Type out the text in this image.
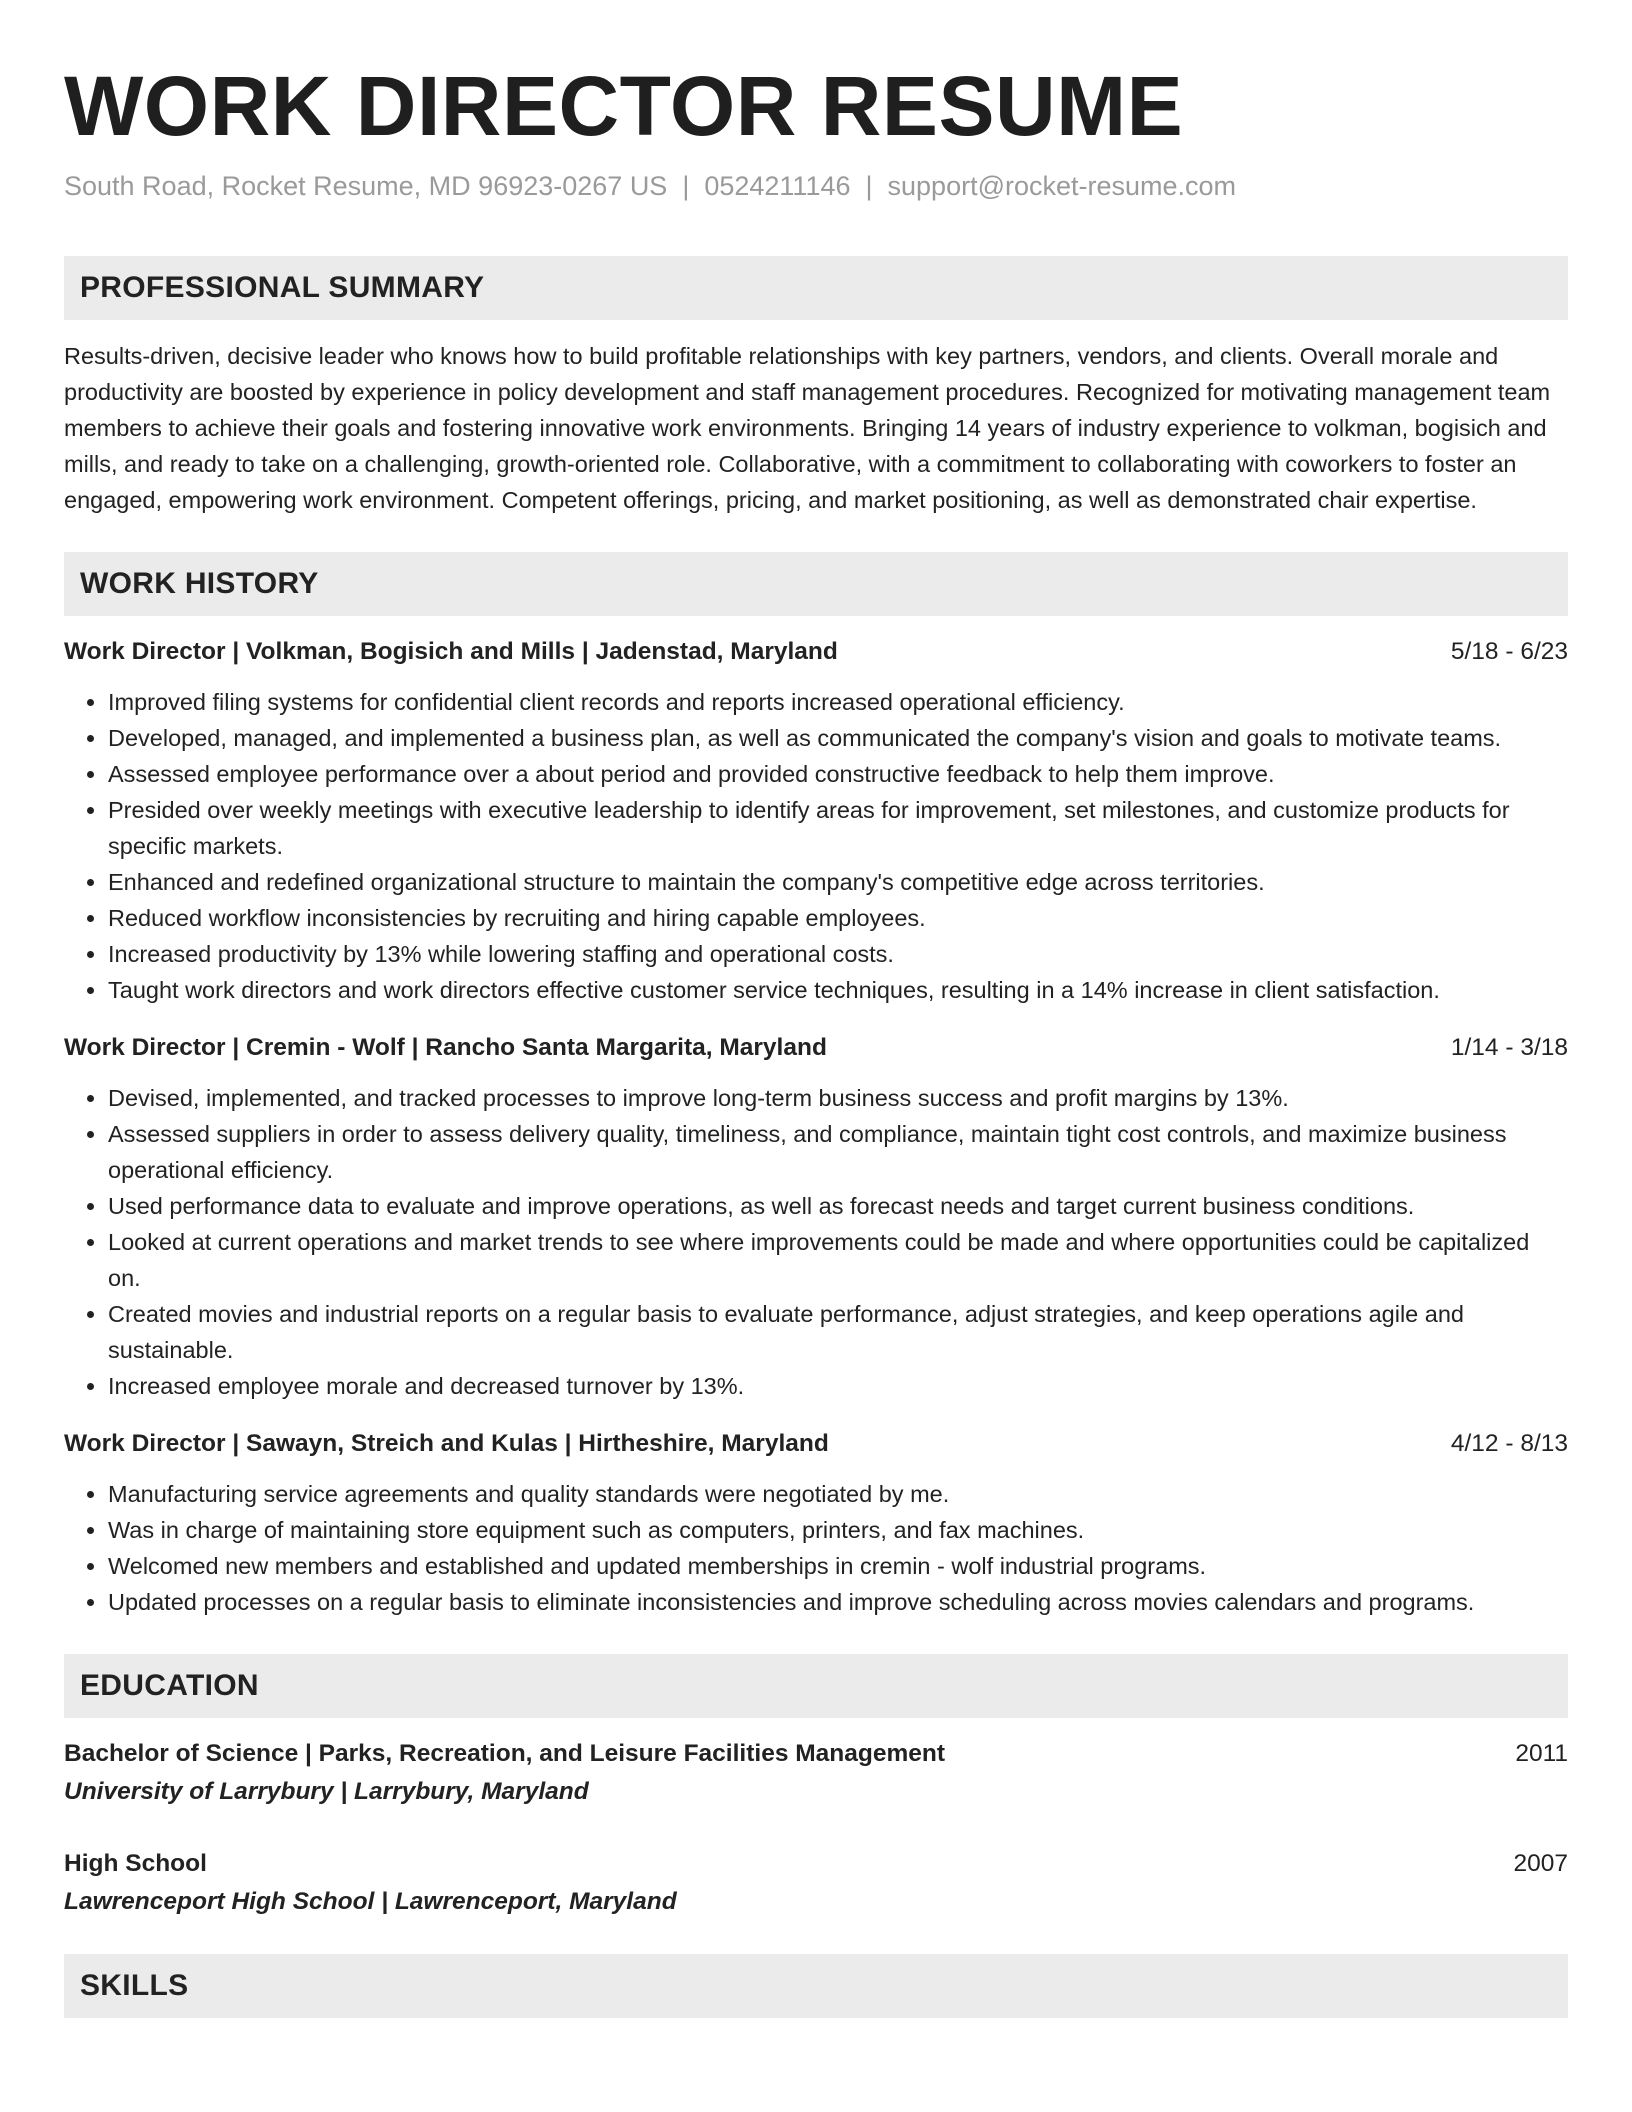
WORK DIRECTOR RESUME
South Road, Rocket Resume, MD 96923-0267 US | 0524211146 | support@rocket-resume.com
PROFESSIONAL SUMMARY

Results-driven, decisive leader who knows how to build profitable relationships with key partners, vendors, and clients. Overall morale and productivity are boosted by experience in policy development and staff management procedures. Recognized for motivating management team members to achieve their goals and fostering innovative work environments. Bringing 14 years of industry experience to volkman, bogisich and mills, and ready to take on a challenging, growth-oriented role. Collaborative, with a commitment to collaborating with coworkers to foster an engaged, empowering work environment. Competent offerings, pricing, and market positioning, as well as demonstrated chair expertise.

WORK HISTORY
Work Director | Volkman, Bogisich and Mills | Jadenstad, Maryland	5/18 - 6/23
• Improved filing systems for confidential client records and reports increased operational efficiency.
• Developed, managed, and implemented a business plan, as well as communicated the company's vision and goals to motivate teams.
• Assessed employee performance over a about period and provided constructive feedback to help them improve.
• Presided over weekly meetings with executive leadership to identify areas for improvement, set milestones, and customize products for specific markets.
• Enhanced and redefined organizational structure to maintain the company's competitive edge across territories.
• Reduced workflow inconsistencies by recruiting and hiring capable employees.
• Increased productivity by 13% while lowering staffing and operational costs.
• Taught work directors and work directors effective customer service techniques, resulting in a 14% increase in client satisfaction.
Work Director | Cremin - Wolf | Rancho Santa Margarita, Maryland	1/14 - 3/18
• Devised, implemented, and tracked processes to improve long-term business success and profit margins by 13%.
• Assessed suppliers in order to assess delivery quality, timeliness, and compliance, maintain tight cost controls, and maximize business operational efficiency.
• Used performance data to evaluate and improve operations, as well as forecast needs and target current business conditions.
• Looked at current operations and market trends to see where improvements could be made and where opportunities could be capitalized on.
• Created movies and industrial reports on a regular basis to evaluate performance, adjust strategies, and keep operations agile and sustainable.
• Increased employee morale and decreased turnover by 13%.
Work Director | Sawayn, Streich and Kulas | Hirtheshire, Maryland	4/12 - 8/13
• Manufacturing service agreements and quality standards were negotiated by me.
• Was in charge of maintaining store equipment such as computers, printers, and fax machines.
• Welcomed new members and established and updated memberships in cremin - wolf industrial programs.
• Updated processes on a regular basis to eliminate inconsistencies and improve scheduling across movies calendars and programs.
EDUCATION
Bachelor of Science | Parks, Recreation, and Leisure Facilities Management	2011
University of Larrybury | Larrybury, Maryland
High School	2007
Lawrenceport High School | Lawrenceport, Maryland
SKILLS
